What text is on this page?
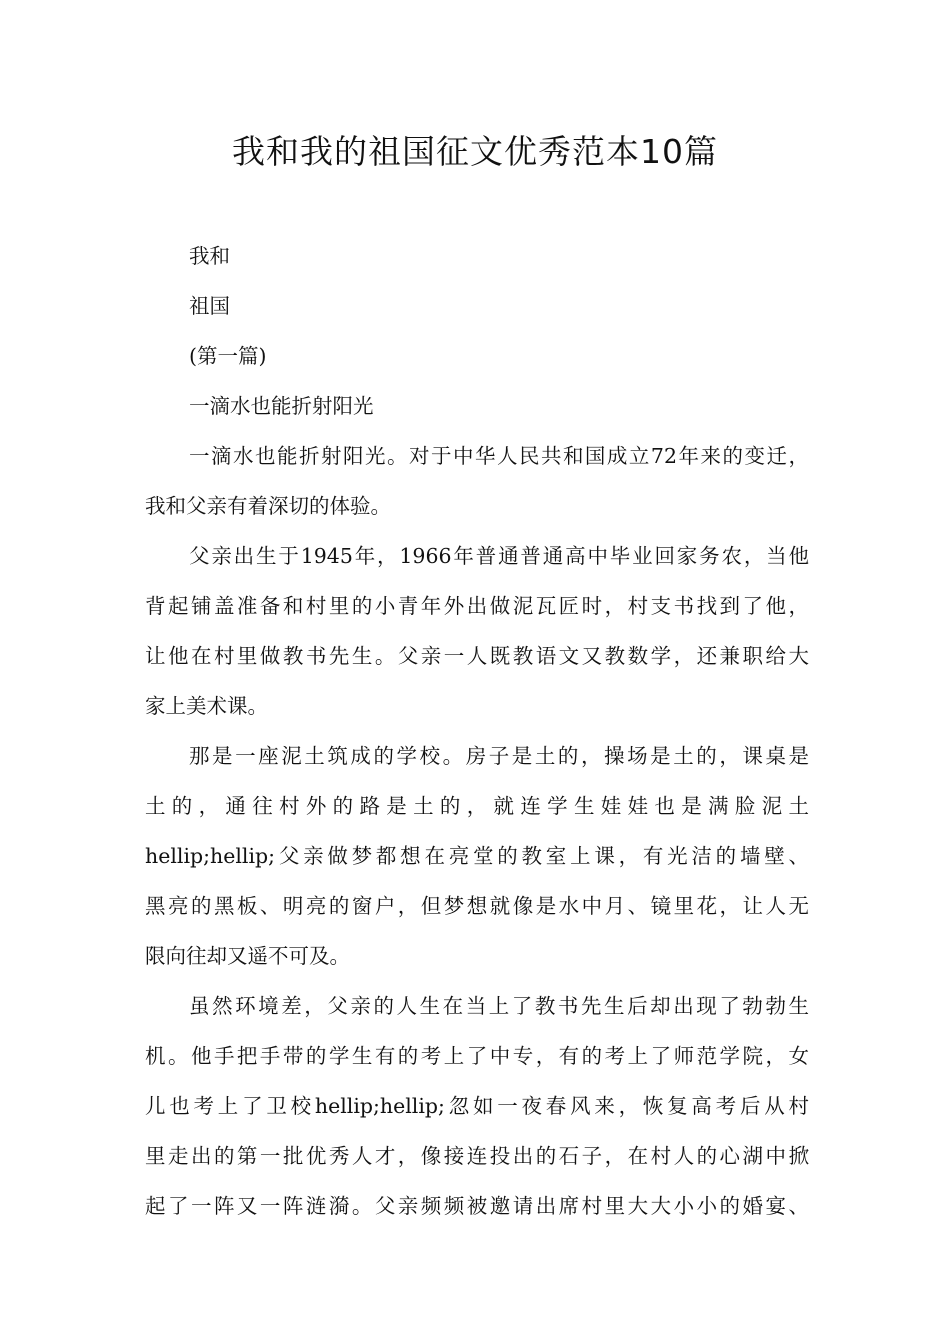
我和我的祖国征文优秀范本10篇

我和

祖国

(第一篇)

一滴水也能折射阳光

一滴水也能折射阳光。对于中华人民共和国成立72年来的变迁，

我和父亲有着深切的体验。

父亲出生于1945年，1966年普通普通高中毕业回家务农，当他

背起铺盖准备和村里的小青年外出做泥瓦匠时，村支书找到了他，

让他在村里做教书先生。父亲一人既教语文又教数学，还兼职给大

家上美术课。

那是一座泥土筑成的学校。房子是土的，操场是土的，课桌是

土的，通往村外的路是土的，就连学生娃娃也是满脸泥土

hellip;hellip;父亲做梦都想在亮堂的教室上课，有光洁的墙壁、

黑亮的黑板、明亮的窗户，但梦想就像是水中月、镜里花，让人无

限向往却又遥不可及。

虽然环境差，父亲的人生在当上了教书先生后却出现了勃勃生

机。他手把手带的学生有的考上了中专，有的考上了师范学院，女

儿也考上了卫校hellip;hellip;忽如一夜春风来，恢复高考后从村

里走出的第一批优秀人才，像接连投出的石子，在村人的心湖中掀

起了一阵又一阵涟漪。父亲频频被邀请出席村里大大小小的婚宴、
